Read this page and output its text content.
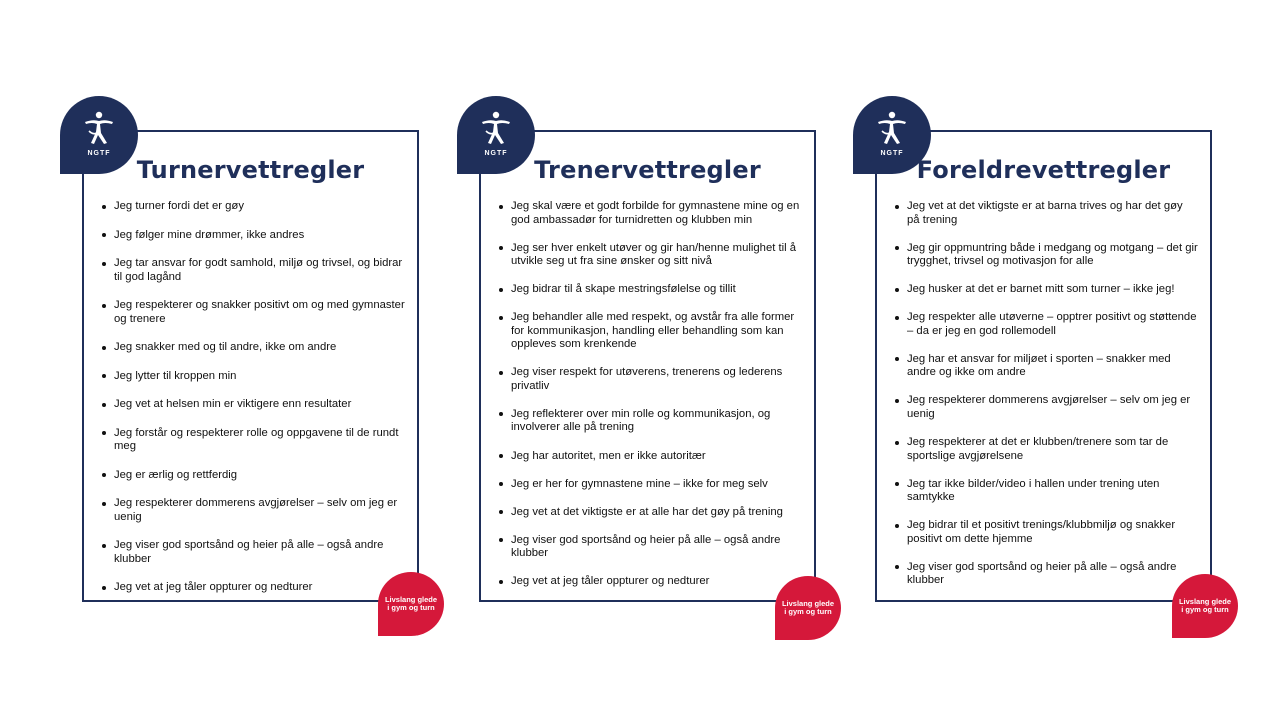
NGTF
Turnervettregler
Jeg turner fordi det er gøy
Jeg følger mine drømmer, ikke andres
Jeg tar ansvar for godt samhold, miljø og trivsel, og bidrar til god lagånd
Jeg respekterer og snakker positivt om og med gymnaster og trenere
Jeg snakker med og til andre, ikke om andre
Jeg lytter til kroppen min
Jeg vet at helsen min er viktigere enn resultater
Jeg forstår og respekterer rolle og oppgavene til de rundt meg
Jeg er ærlig og rettferdig
Jeg respekterer dommerens avgjørelser – selv om jeg er uenig
Jeg viser god sportsånd og heier på alle – også andre klubber
Jeg vet at jeg tåler oppturer og nedturer
NGTF
Trenervettregler
Jeg skal være et godt forbilde for gymnastene mine og en god ambassadør for turnidretten og klubben min
Jeg ser hver enkelt utøver og gir han/henne mulighet til å utvikle seg ut fra sine ønsker og sitt nivå
Jeg bidrar til å skape mestringsfølelse og tillit
Jeg behandler alle med respekt, og avstår fra alle former for kommunikasjon, handling eller behandling som kan oppleves som krenkende
Jeg viser respekt for utøverens, trenerens og lederens privatliv
Jeg reflekterer over min rolle og kommunikasjon, og involverer alle på trening
Jeg har autoritet, men er ikke autoritær
Jeg er her for gymnastene mine – ikke for meg selv
Jeg vet at det viktigste er at alle har det gøy på trening
Jeg viser god sportsånd og heier på alle – også andre klubber
Jeg vet at jeg tåler oppturer og nedturer
NGTF
Foreldrevettregler
Jeg vet at det viktigste er at barna trives og har det gøy på trening
Jeg gir oppmuntring både i medgang og motgang – det gir trygghet, trivsel og motivasjon for alle
Jeg husker at det er barnet mitt som turner – ikke jeg!
Jeg respekter alle utøverne – opptrer positivt og støttende – da er jeg en god rollemodell
Jeg har et ansvar for miljøet i sporten – snakker med andre og ikke om andre
Jeg respekterer dommerens avgjørelser – selv om jeg er uenig
Jeg respekterer at det er klubben/trenere som tar de sportslige avgjørelsene
Jeg tar ikke bilder/video i hallen under trening uten samtykke
Jeg bidrar til et positivt trenings/klubbmiljø og snakker positivt om dette hjemme
Jeg viser god sportsånd og heier på alle – også andre klubber
Livslang glede i gym og turn	Livslang glede i gym og turn
Livslang glede i gym og turn
